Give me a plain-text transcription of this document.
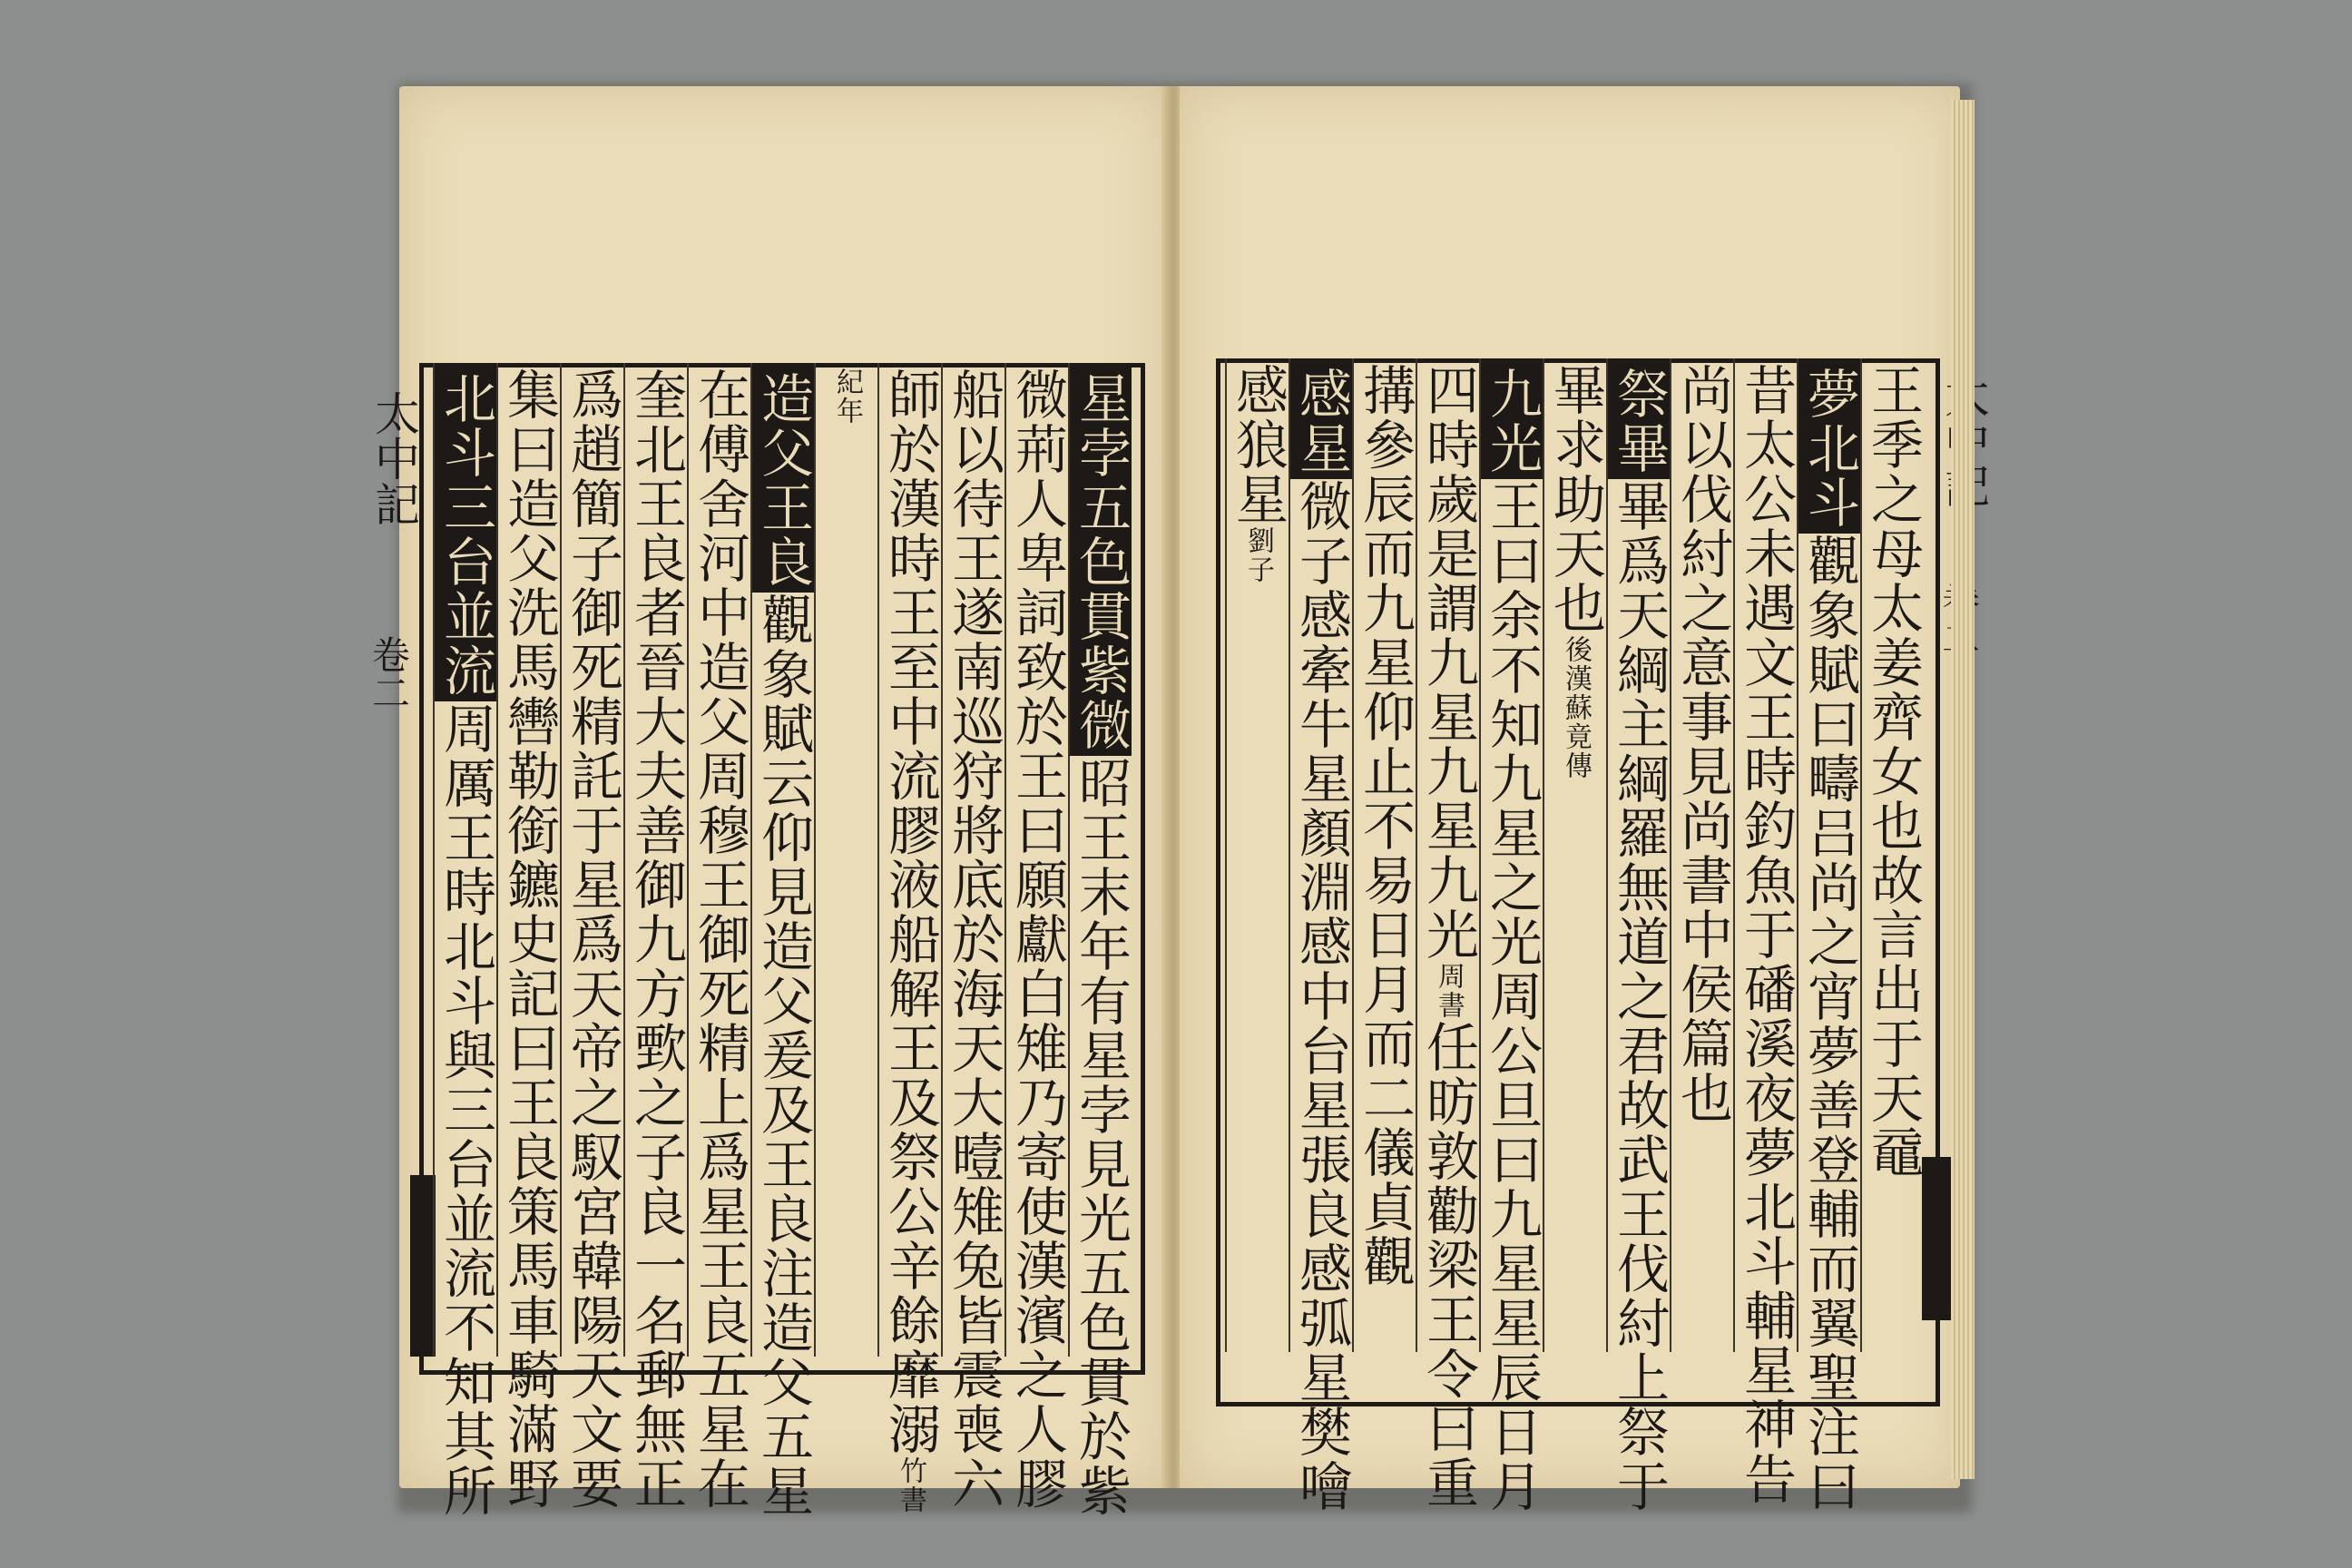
太中記
卷二	星孛五色貫紫微昭王末年有星孛見光五色貫於紫
微荊人卑詞致於王曰願獻白雉乃寄使漢濱之人膠
船以待王遂南巡狩將底於海天大曀雉兔皆震喪六
師於漢時王至中流膠液船解王及祭公辛餘靡溺竹書
紀年
造父王良觀象賦云仰見造父爰及王良注造父五星
在傅舍河中造父周穆王御死精上爲星王良五星在
奎北王良者晉大夫善御九方歅之子良一名郵無正
爲趙簡子御死精託于星爲天帝之馭宮韓陽天文要
集曰造父洗馬轡勒銜鑣史記曰王良策馬車騎滿野
北斗三台並流周厲王時北斗與三台並流不知其所	王季之母太姜齊女也故言出于天黿
夢北斗觀象賦曰疇吕尚之宵夢善登輔而翼聖注曰
昔太公未遇文王時釣魚于磻溪夜夢北斗輔星神告
尚以伐紂之意事見尚書中侯篇也
祭畢畢爲天綱主綱羅無道之君故武王伐紂上祭于
畢求助天也後漢蘇竟傳
九光王曰余不知九星之光周公旦曰九星星辰日月
四時歲是謂九星九星九光周書任昉敦勸梁王令曰重
搆參辰而九星仰止不易日月而二儀貞觀
感星微子感牽牛星顏淵感中台星張良感弧星樊噲
感狼星劉子
